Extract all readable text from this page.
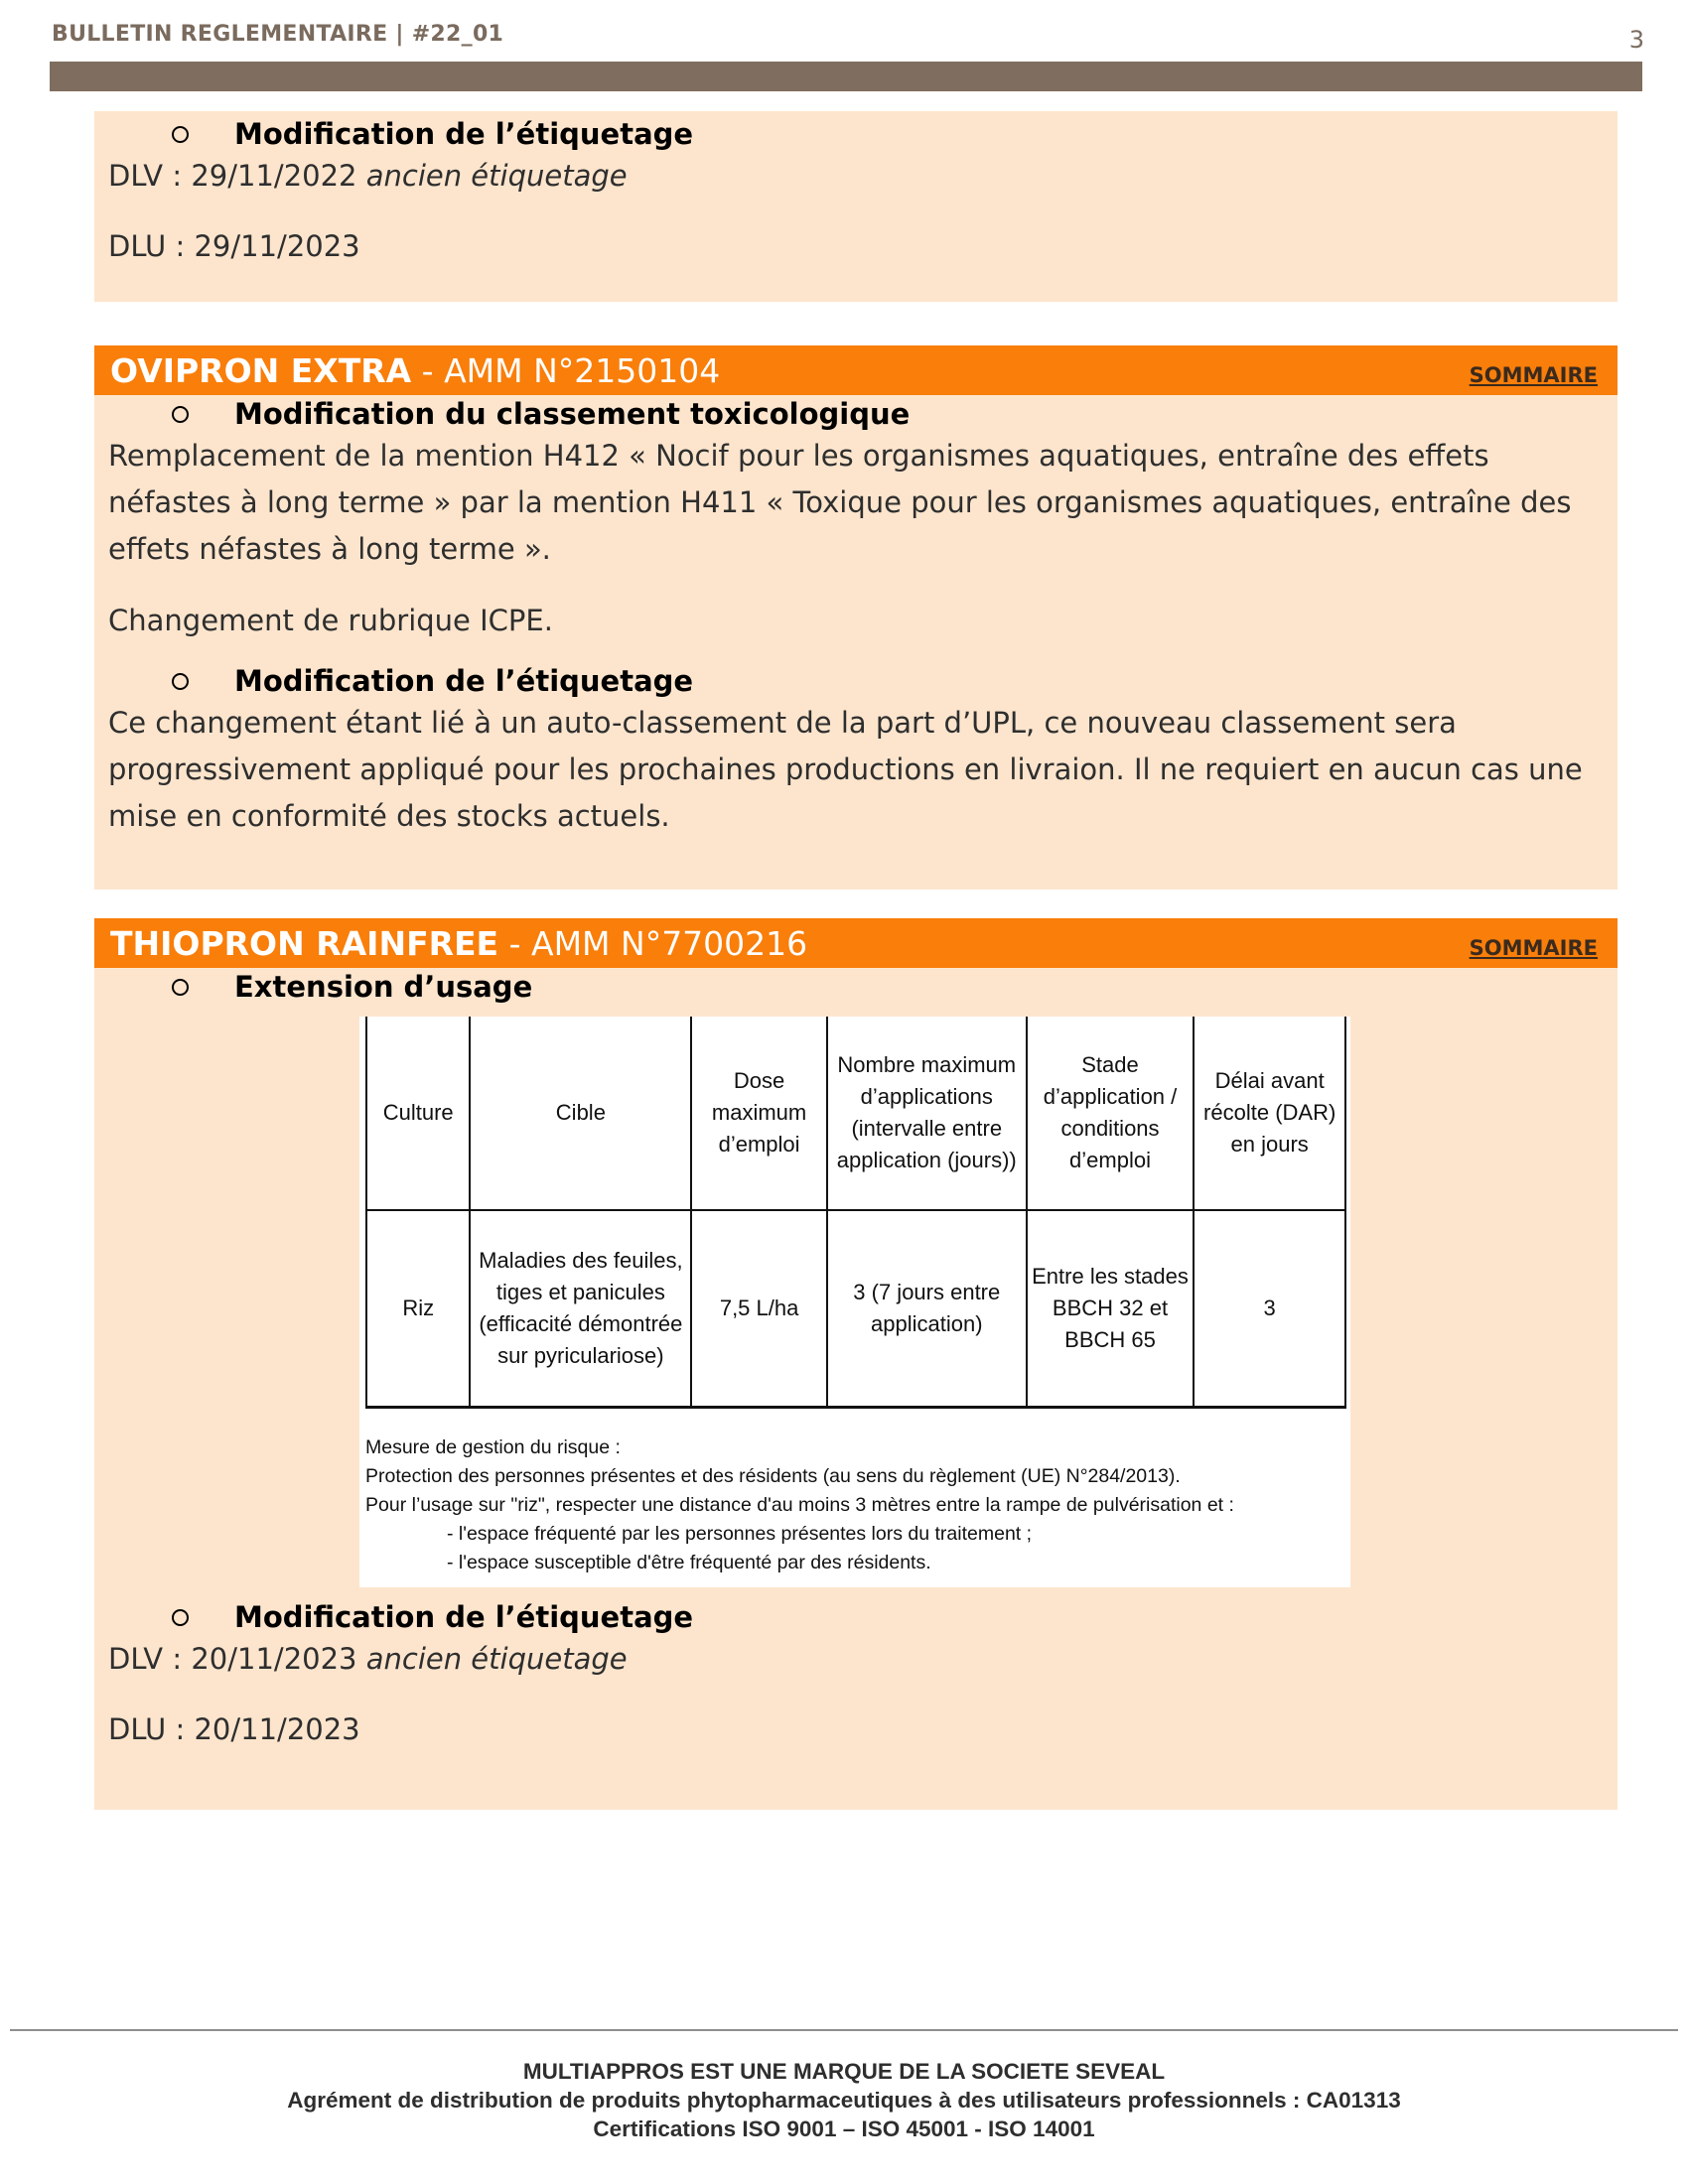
BULLETIN REGLEMENTAIRE | #22_01	3
Modification de l’étiquetage

DLV : 29/11/2022 ancien étiquetage

DLU : 29/11/2023

OVIPRON EXTRA - AMM N°2150104	SOMMAIRE
Modification du classement toxicologique

Remplacement de la mention H412 « Nocif pour les organismes aquatiques, entraîne des effets néfastes à long terme » par la mention H411 « Toxique pour les organismes aquatiques, entraîne des effets néfastes à long terme ».

Changement de rubrique ICPE.

Modification de l’étiquetage

Ce changement étant lié à un auto-classement de la part d’UPL, ce nouveau classement sera progressivement appliqué pour les prochaines productions en livraion. Il ne requiert en aucun cas une mise en conformité des stocks actuels.

THIOPRON RAINFREE - AMM N°7700216	SOMMAIRE
Extension d’usage
Culture	Cible	Dose maximum d’emploi	Nombre maximum d’applications (intervalle entre application (jours))	Stade d’application / conditions d’emploi	Délai avant récolte (DAR) en jours
Riz	Maladies des feuiles, tiges et panicules (efficacité démontrée sur pyriculariose)	7,5 L/ha	3 (7 jours entre application)	Entre les stades BBCH 32 et BBCH 65	3
Mesure de gestion du risque :
Protection des personnes présentes et des résidents (au sens du règlement (UE) N°284/2013).
Pour l’usage sur "riz", respecter une distance d'au moins 3 mètres entre la rampe de pulvérisation et :
- l'espace fréquenté par les personnes présentes lors du traitement ;
- l'espace susceptible d'être fréquenté par des résidents.
Modification de l’étiquetage

DLV : 20/11/2023 ancien étiquetage

DLU : 20/11/2023

MULTIAPPROS EST UNE MARQUE DE LA SOCIETE SEVEAL
Agrément de distribution de produits phytopharmaceutiques à des utilisateurs professionnels : CA01313
Certifications ISO 9001 – ISO 45001 - ISO 14001
